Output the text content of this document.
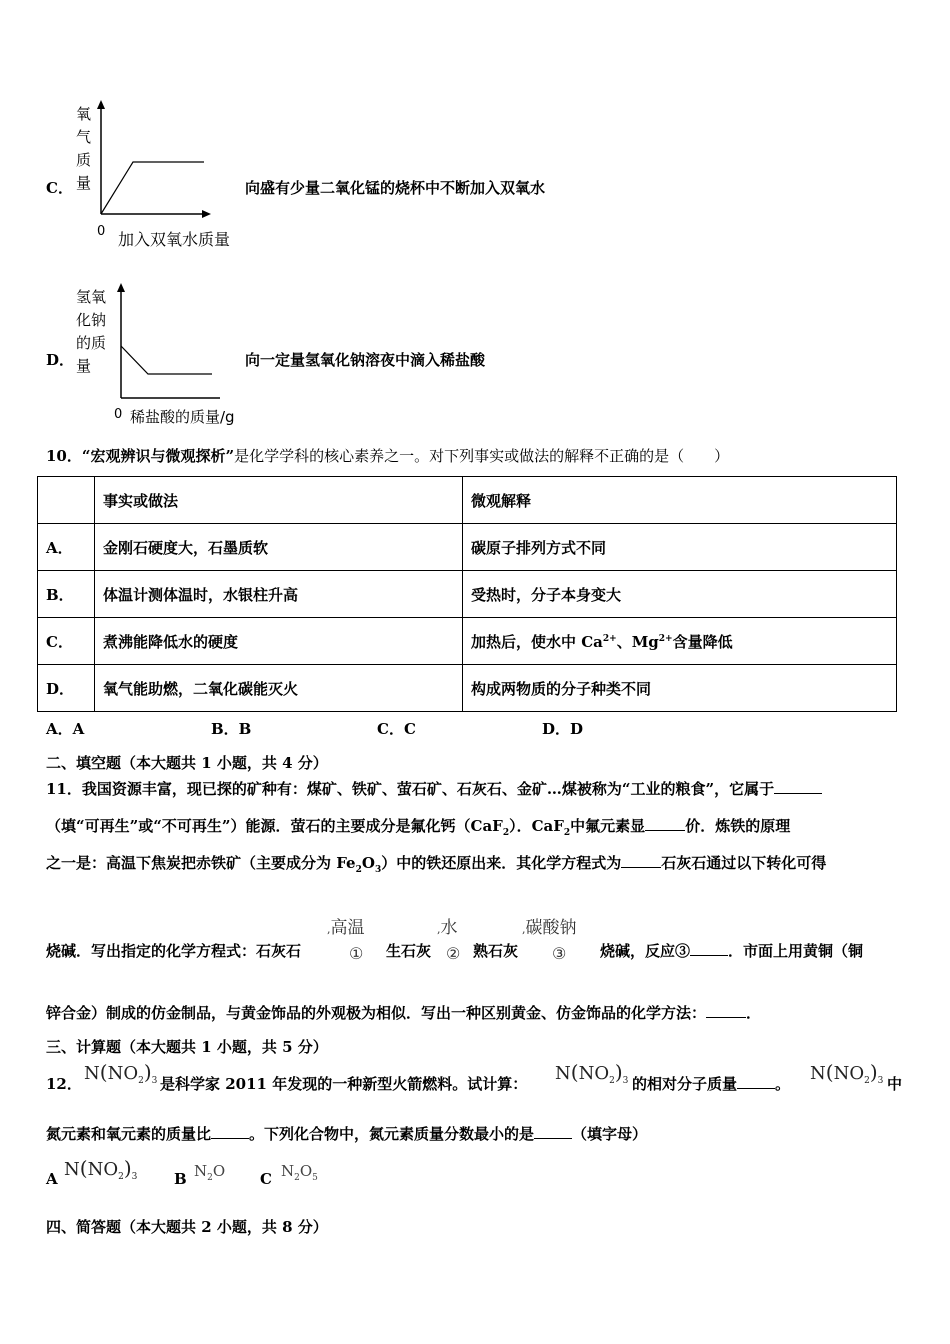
C．
氧
气
质
量
0 加入双氧水质量
向盛有少量二氧化锰的烧杯中不断加入双氧水
D．
氢氧
化钠
的质
量
0 稀盐酸的质量/g
向一定量氢氧化钠溶夜中滴入稀盐酸
10．“宏观辨识与微观探析”是化学学科的核心素养之一。对下列事实或做法的解释不正确的是（　　）
	事实或做法	微观解释
A．	金刚石硬度大，石墨质软	碳原子排列方式不同
B．	体温计测体温时，水银柱升高	受热时，分子本身变大
C．	煮沸能降低水的硬度	加热后，使水中 $Ca^{2+}$、$Mg^{2+}$含量降低
D．	氧气能助燃，二氧化碳能灭火	构成两物质的分子种类不同
A．A	B．B	C．C	D．D
二、填空题（本大题共 1 小题，共 4 分）
11．我国资源丰富，现已探的矿种有：煤矿、铁矿、萤石矿、石灰石、金矿…煤被称为“工业的粮食”，它属于
（填“可再生”或“不可再生”）能源．萤石的主要成分是氟化钙（CaF$_2$）．CaF$_2$中氟元素显	价．炼铁的原理
之一是：高温下焦炭把赤铁矿（主要成分为 $Fe_2O_3$）中的铁还原出来．其化学方程式为	石灰石通过以下转化可得
,高温	,水	,碳酸钠
烧碱．写出指定的化学方程式：石灰石	① 生石灰 ② 熟石灰 ③ 烧碱，反应③	．市面上用黄铜（铜
锌合金）制成的仿金制品，与黄金饰品的外观极为相似．写出一种区别黄金、仿金饰品的化学方法：	．
三、计算题（本大题共 1 小题，共 5 分）
12． $N(NO_2)_3$ 是科学家 2011 年发现的一种新型火箭燃料。试计算： $N(NO_2)_3$ 的相对分子质量	。 $N(NO_2)_3$ 中
氮元素和氧元素的质量比	。下列化合物中，氮元素质量分数最小的是	（填字母）
A $N(NO_2)_3$ B $N_2O$ C $N_2O_5$
四、简答题（本大题共 2 小题，共 8 分）
